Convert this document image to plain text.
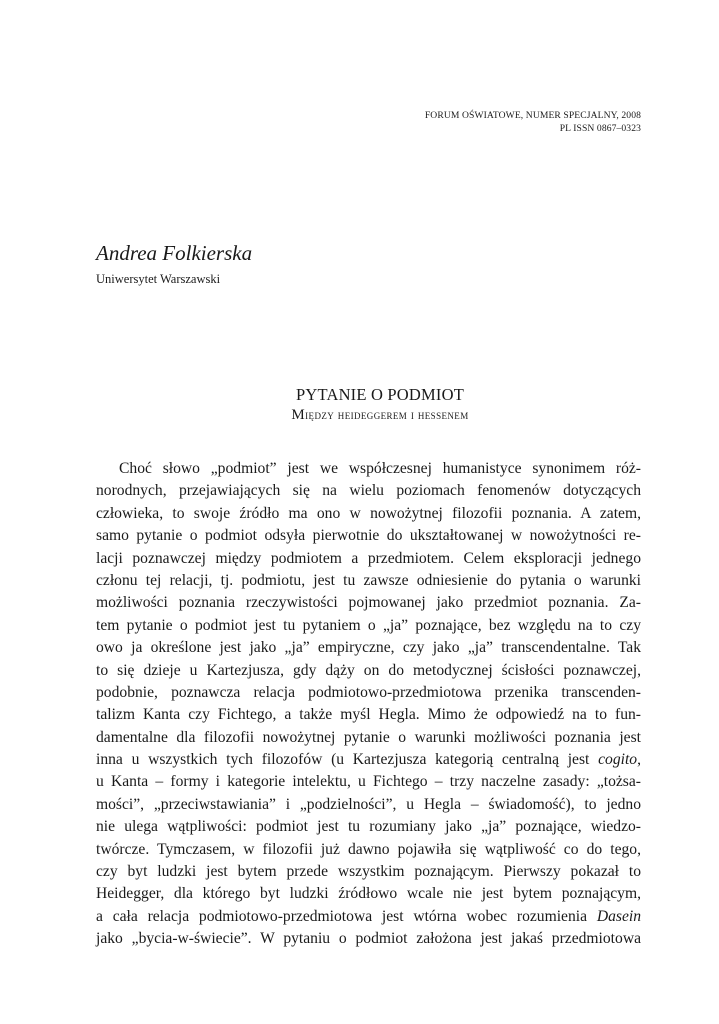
FORUM OŚWIATOWE, NUMER SPECJALNY, 2008
PL ISSN 0867–0323
Andrea Folkierska
Uniwersytet Warszawski
PYTANIE O PODMIOT
Między heideggerem i hessenem
Choć słowo „podmiot” jest we współczesnej humanistyce synonimem róż-
norodnych, przejawiających się na wielu poziomach fenomenów dotyczących
człowieka, to swoje źródło ma ono w nowożytnej filozofii poznania. A zatem,
samo pytanie o podmiot odsyła pierwotnie do ukształtowanej w nowożytności re-
lacji poznawczej między podmiotem a przedmiotem. Celem eksploracji jednego
członu tej relacji, tj. podmiotu, jest tu zawsze odniesienie do pytania o warunki
możliwości poznania rzeczywistości pojmowanej jako przedmiot poznania. Za-
tem pytanie o podmiot jest tu pytaniem o „ja” poznające, bez względu na to czy
owo ja określone jest jako „ja” empiryczne, czy jako „ja” transcendentalne. Tak
to się dzieje u Kartezjusza, gdy dąży on do metodycznej ścisłości poznawczej,
podobnie, poznawcza relacja podmiotowo-przedmiotowa przenika transcenden-
talizm Kanta czy Fichtego, a także myśl Hegla. Mimo że odpowiedź na to fun-
damentalne dla filozofii nowożytnej pytanie o warunki możliwości poznania jest
inna u wszystkich tych filozofów (u Kartezjusza kategorią centralną jest cogito,
u Kanta – formy i kategorie intelektu, u Fichtego – trzy naczelne zasady: „tożsa-
mości”, „przeciwstawiania” i „podzielności”, u Hegla – świadomość), to jedno
nie ulega wątpliwości: podmiot jest tu rozumiany jako „ja” poznające, wiedzo-
twórcze. Tymczasem, w filozofii już dawno pojawiła się wątpliwość co do tego,
czy byt ludzki jest bytem przede wszystkim poznającym. Pierwszy pokazał to
Heidegger, dla którego byt ludzki źródłowo wcale nie jest bytem poznającym,
a cała relacja podmiotowo-przedmiotowa jest wtórna wobec rozumienia Dasein
jako „bycia-w-świecie”. W pytaniu o podmiot założona jest jakaś przedmiotowa
